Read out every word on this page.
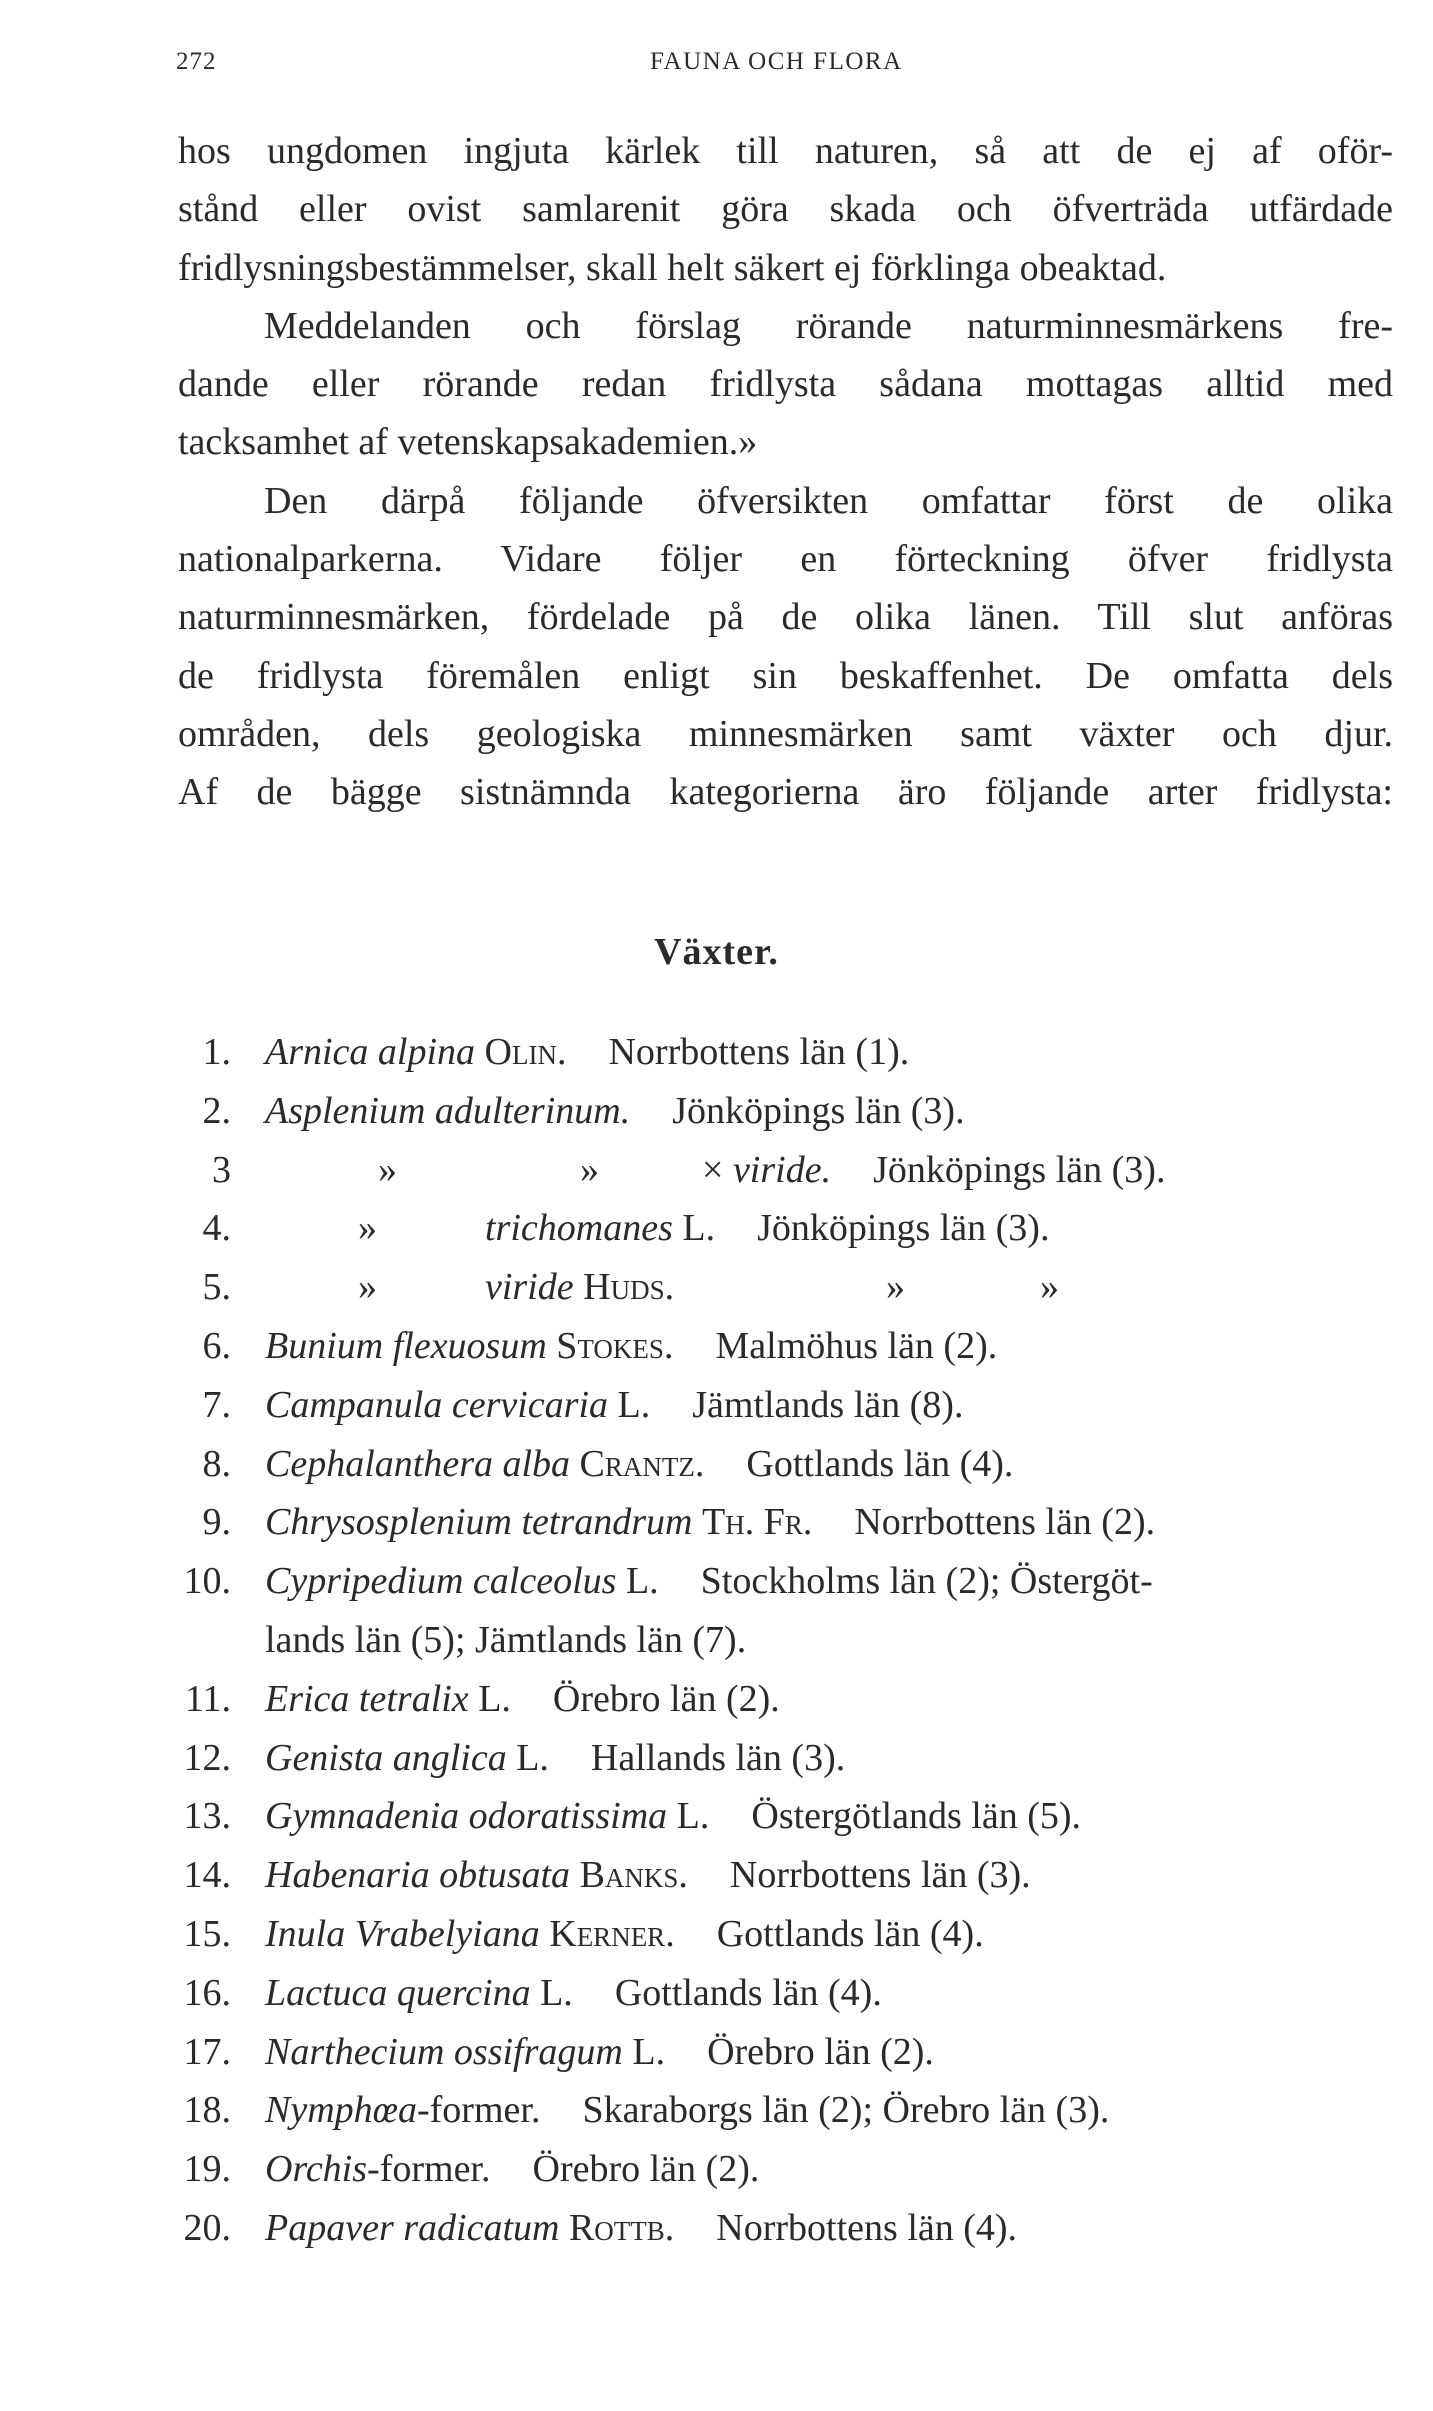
272	FAUNA OCH FLORA
hos ungdomen ingjuta kärlek till naturen, så att de ej af oför-
stånd eller ovist samlarenit göra skada och öfverträda utfärdade
fridlysningsbestämmelser, skall helt säkert ej förklinga obeaktad.
Meddelanden och förslag rörande naturminnesmärkens fre-
dande eller rörande redan fridlysta sådana mottagas alltid med
tacksamhet af vetenskapsakademien.»
Den därpå följande öfversikten omfattar först de olika
nationalparkerna. Vidare följer en förteckning öfver fridlysta
naturminnesmärken, fördelade på de olika länen. Till slut anföras
de fridlysta föremålen enligt sin beskaffenhet. De omfatta dels
områden, dels geologiska minnesmärken samt växter och djur.
Af de bägge sistnämnda kategorierna äro följande arter fridlysta:
Växter.
1. Arnica alpina Olin. Norrbottens län (1).
2. Asplenium adulterinum. Jönköpings län (3).
3	»	»	× viride. Jönköpings län (3).
4.	»	trichomanes L. Jönköpings län (3).
5.	»	viride Huds.	»	»
6. Bunium flexuosum Stokes. Malmöhus län (2).
7. Campanula cervicaria L. Jämtlands län (8).
8. Cephalanthera alba Crantz. Gottlands län (4).
9. Chrysosplenium tetrandrum Th. Fr. Norrbottens län (2).
10. Cypripedium calceolus L. Stockholms län (2); Östergöt-
lands län (5); Jämtlands län (7).
11. Erica tetralix L. Örebro län (2).
12. Genista anglica L. Hallands län (3).
13. Gymnadenia odoratissima L. Östergötlands län (5).
14. Habenaria obtusata Banks. Norrbottens län (3).
15. Inula Vrabelyiana Kerner. Gottlands län (4).
16. Lactuca quercina L. Gottlands län (4).
17. Narthecium ossifragum L. Örebro län (2).
18. Nymphœa-former. Skaraborgs län (2); Örebro län (3).
19. Orchis-former. Örebro län (2).
20. Papaver radicatum Rottb. Norrbottens län (4).
